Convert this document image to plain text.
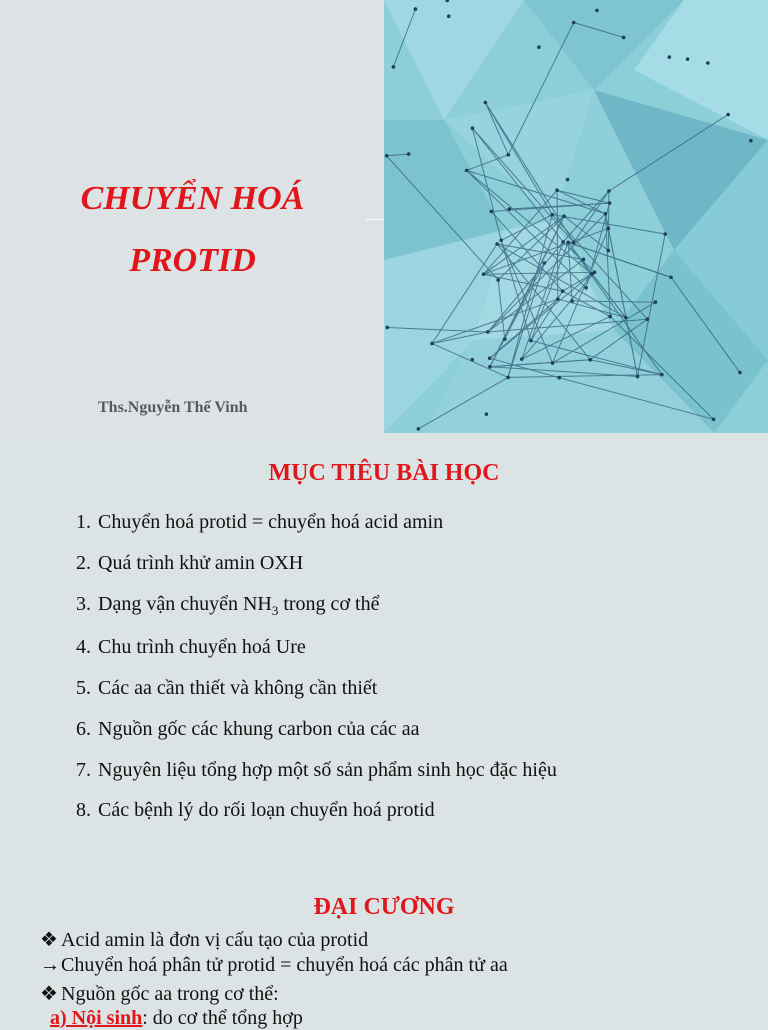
CHUYỂN HOÁ
PROTID
Ths.Nguyễn Thế Vinh
MỤC TIÊU BÀI HỌC
1. Chuyển hoá protid = chuyển hoá acid amin
2. Quá trình khử amin OXH
3. Dạng vận chuyển $NH_3$ trong cơ thể
4. Chu trình chuyển hoá Ure
5. Các aa cần thiết và không cần thiết
6. Nguồn gốc các khung carbon của các aa
7. Nguyên liệu tổng hợp một số sản phẩm sinh học đặc hiệu
8. Các bệnh lý do rối loạn chuyển hoá protid
ĐẠI CƯƠNG
❖ Acid amin là đơn vị cấu tạo của protid
→Chuyển hoá phân tử protid = chuyển hoá các phân tử aa
❖ Nguồn gốc aa trong cơ thể:
a) Nội sinh: do cơ thể tổng hợp
